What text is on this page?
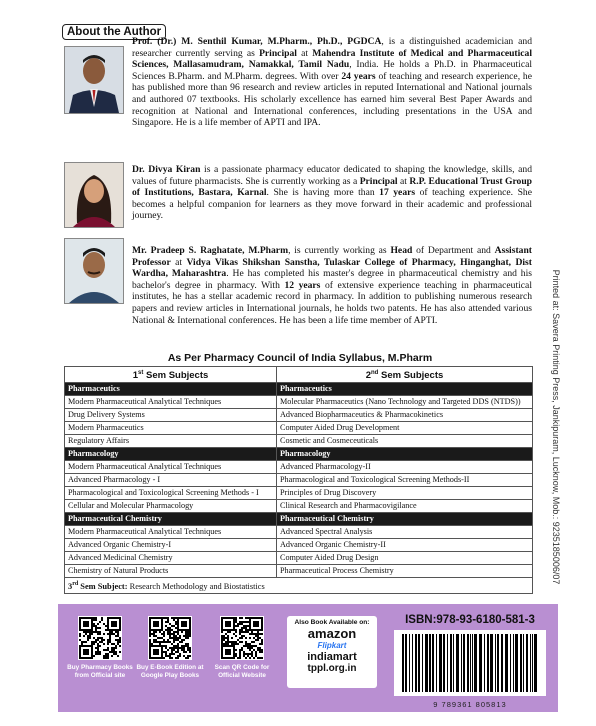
About the Author

Prof. (Dr.) M. Senthil Kumar, M.Pharm., Ph.D., PGDCA, is a distinguished academician and researcher currently serving as Principal at Mahendra Institute of Medical and Pharmaceutical Sciences, Mallasamudram, Namakkal, Tamil Nadu, India. He holds a Ph.D. in Pharmaceutical Sciences B.Pharm. and M.Pharm. degrees. With over 24 years of teaching and research experience, he has published more than 96 research and review articles in reputed International and National journals and authored 07 textbooks. His scholarly excellence has earned him several Best Paper Awards and recognition at National and International conferences, including presentations in the USA and Singapore. He is a life member of APTI and IPA.

Dr. Divya Kiran is a passionate pharmacy educator dedicated to shaping the knowledge, skills, and values of future pharmacists. She is currently working as a Principal at R.P. Educational Trust Group of Institutions, Bastara, Karnal. She is having more than 17 years of teaching experience. She becomes a helpful companion for learners as they move forward in their academic and professional journey.

Mr. Pradeep S. Raghatate, M.Pharm, is currently working as Head of Department and Assistant Professor at Vidya Vikas Shikshan Sanstha, Tulaskar College of Pharmacy, Hinganghat, Dist Wardha, Maharashtra. He has completed his master's degree in pharmaceutical chemistry and his bachelor's degree in pharmacy. With 12 years of extensive experience teaching in pharmaceutical institutes, he has a stellar academic record in pharmacy. In addition to publishing numerous research papers and review articles in International journals, he holds two patents. He has also attended various National & International conferences. He has been a life time member of APTI.	Printed at: Savera Printing Press, Jankipuram, Lucknow, Mob.: 9235185006/07
As Per Pharmacy Council of India Syllabus, M.Pharm
1st Sem Subjects	2nd Sem Subjects
Pharmaceutics	Pharmaceutics
Modern Pharmaceutical Analytical Techniques	Molecular Pharmaceutics (Nano Technology and Targeted DDS (NTDS))
Drug Delivery Systems	Advanced Biopharmaceutics & Pharmacokinetics
Modern Pharmaceutics	Computer Aided Drug Development
Regulatory Affairs	Cosmetic and Cosmeceuticals
Pharmacology	Pharmacology
Modern Pharmaceutical Analytical Techniques	Advanced Pharmacology-II
Advanced Pharmacology - I	Pharmacological and Toxicological Screening Methods-II
Pharmacological and Toxicological Screening Methods - I	Principles of Drug Discovery
Cellular and Molecular Pharmacology	Clinical Research and Pharmacovigilance
Pharmaceutical Chemistry	Pharmaceutical Chemistry
Modern Pharmaceutical Analytical Techniques	Advanced Spectral Analysis
Advanced Organic Chemistry-I	Advanced Organic Chemistry-II
Advanced Medicinal Chemistry	Computer Aided Drug Design
Chemistry of Natural Products	Pharmaceutical Process Chemistry
3rd Sem Subject: Research Methodology and Biostatistics	
Buy Pharmacy Books from Official site
Buy E-Book Edition at Google Play Books
Scan QR Code for Official Website
Also Book Available on:
amazon
Flipkart
indiamart
tppl.org.in
ISBN:978-93-6180-581-3
9 789361 805813
